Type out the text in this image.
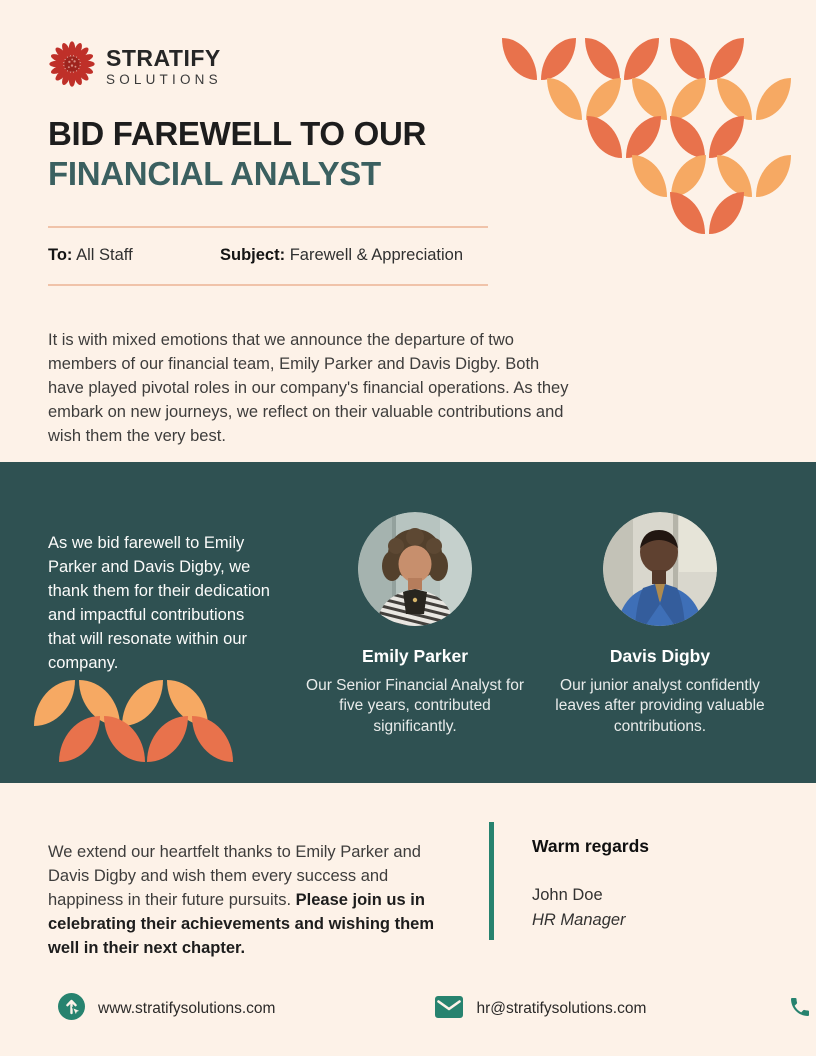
STRATIFY
SOLUTIONS
BID FAREWELL TO OUR
FINANCIAL ANALYST
To: All Staff	Subject: Farewell & Appreciation

It is with mixed emotions that we announce the departure of two members of our financial team, Emily Parker and Davis Digby. Both have played pivotal roles in our company's financial operations. As they embark on new journeys, we reflect on their valuable contributions and wish them the very best.

As we bid farewell to Emily Parker and Davis Digby, we thank them for their dedication and impactful contributions that will resonate within our company.	Emily Parker
Our Senior Financial Analyst for five years, contributed significantly.
Davis Digby
Our junior analyst confidently leaves after providing valuable contributions.

We extend our heartfelt thanks to Emily Parker and Davis Digby and wish them every success and happiness in their future pursuits. Please join us in celebrating their achievements and wishing them well in their next chapter.

Warm regards
John Doe
HR Manager
www.stratifysolutions.com	hr@stratifysolutions.com
